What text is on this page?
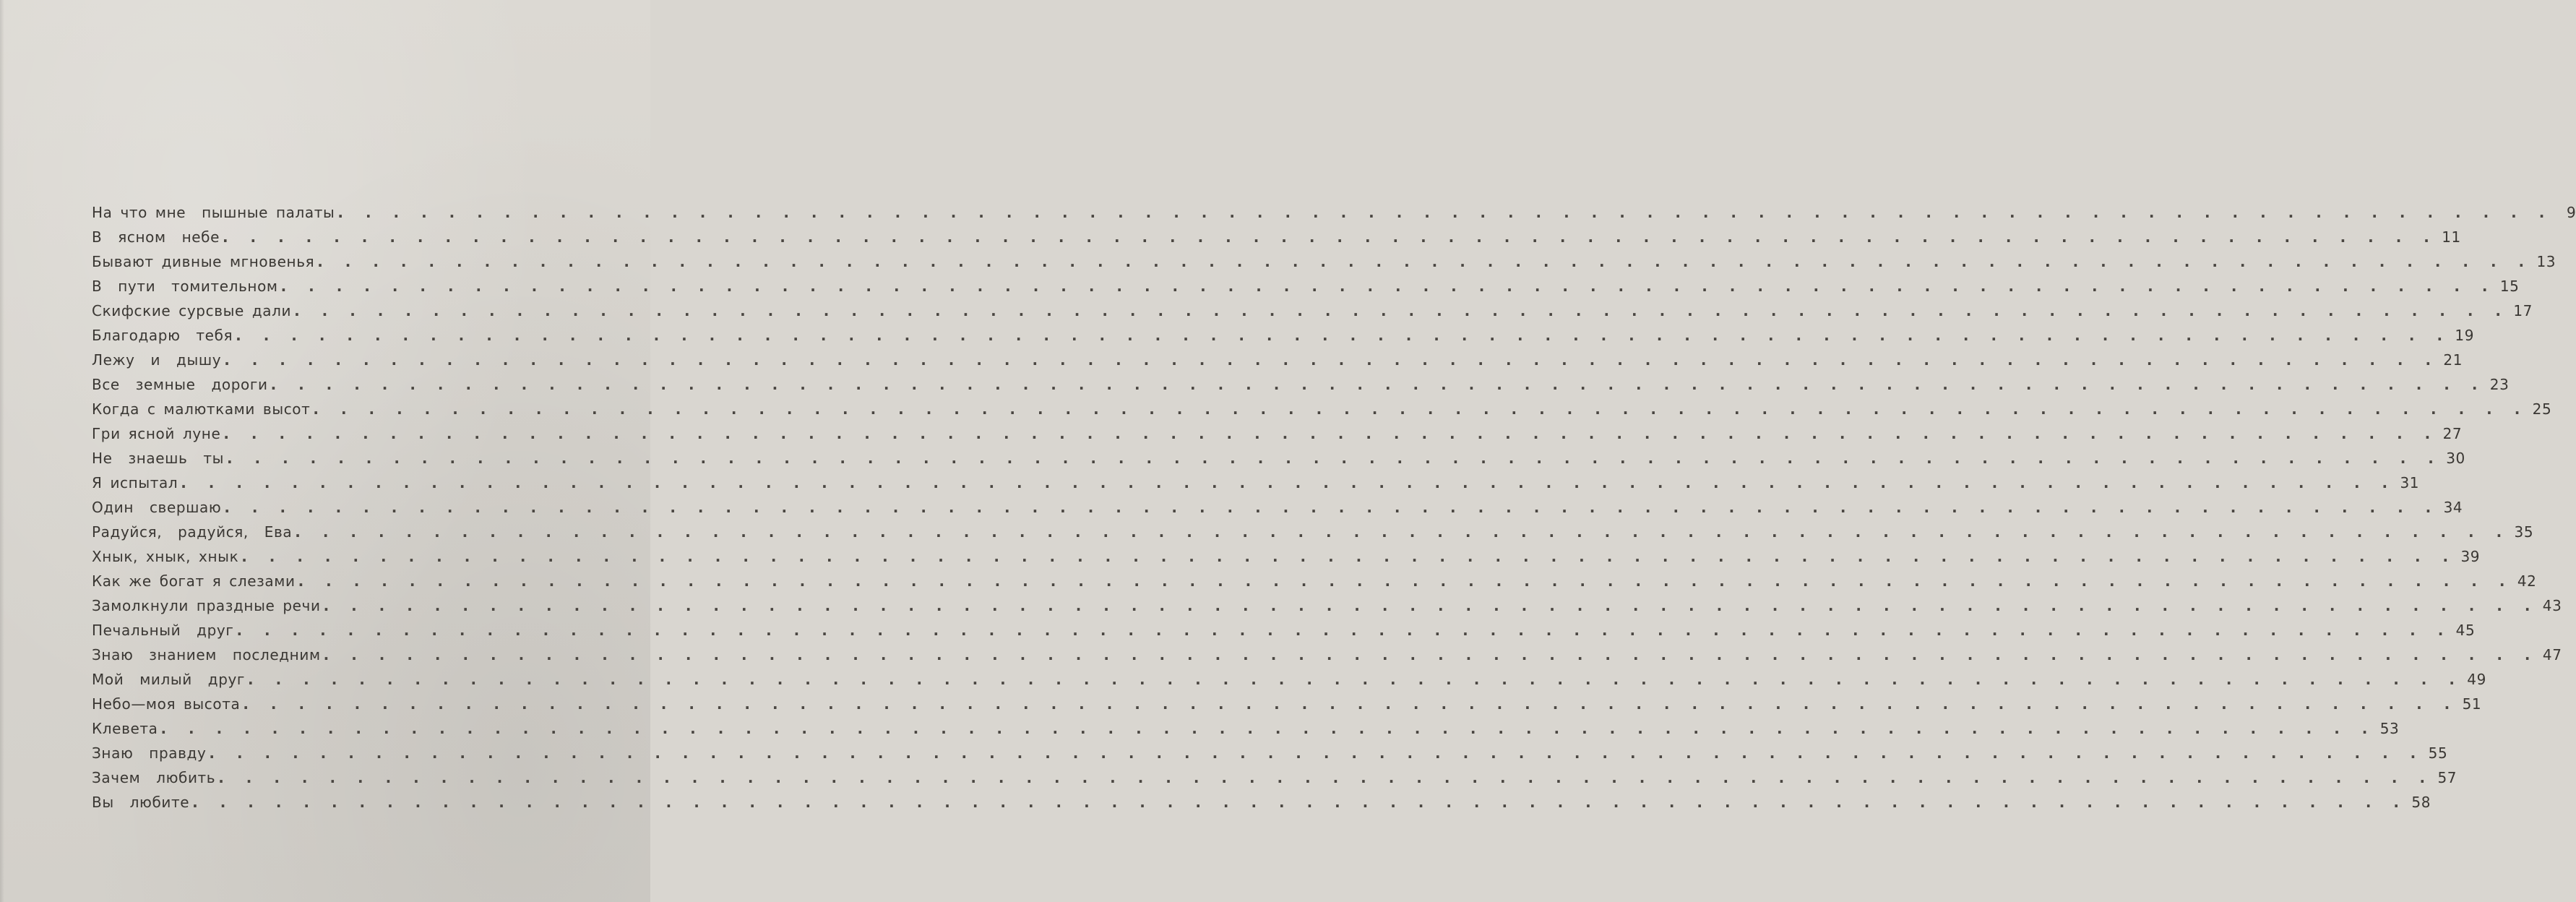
На что мне  пышные палаты . . . . . . . . . . . . . . . . . . . . . . . . . . . . . . . . . . . . . . . . . . . . . . . . . . . . . . . . . . . . . . . . . . . . . . . . . . . . . . . .	9
В  ясном  небе . . . . . . . . . . . . . . . . . . . . . . . . . . . . . . . . . . . . . . . . . . . . . . . . . . . . . . . . . . . . . . . . . . . . . . . . . . . . . . . . 11
Бывают дивные мгновенья . . . . . . . . . . . . . . . . . . . . . . . . . . . . . . . . . . . . . . . . . . . . . . . . . . . . . . . . . . . . . . . . . . . . . . . . . . . . . . . . 13
В  пути  томительном . . . . . . . . . . . . . . . . . . . . . . . . . . . . . . . . . . . . . . . . . . . . . . . . . . . . . . . . . . . . . . . . . . . . . . . . . . . . . . . . 15
Скифские сурсвые дали . . . . . . . . . . . . . . . . . . . . . . . . . . . . . . . . . . . . . . . . . . . . . . . . . . . . . . . . . . . . . . . . . . . . . . . . . . . . . . . . 17
Благодарю  тебя . . . . . . . . . . . . . . . . . . . . . . . . . . . . . . . . . . . . . . . . . . . . . . . . . . . . . . . . . . . . . . . . . . . . . . . . . . . . . . . . 19
Лежу  и  дышу . . . . . . . . . . . . . . . . . . . . . . . . . . . . . . . . . . . . . . . . . . . . . . . . . . . . . . . . . . . . . . . . . . . . . . . . . . . . . . . . 21
Все  земные  дороги . . . . . . . . . . . . . . . . . . . . . . . . . . . . . . . . . . . . . . . . . . . . . . . . . . . . . . . . . . . . . . . . . . . . . . . . . . . . . . . . 23
Когда с малютками высот . . . . . . . . . . . . . . . . . . . . . . . . . . . . . . . . . . . . . . . . . . . . . . . . . . . . . . . . . . . . . . . . . . . . . . . . . . . . . . . . 25
Гри ясной луне . . . . . . . . . . . . . . . . . . . . . . . . . . . . . . . . . . . . . . . . . . . . . . . . . . . . . . . . . . . . . . . . . . . . . . . . . . . . . . . . 27
Не  знаешь  ты . . . . . . . . . . . . . . . . . . . . . . . . . . . . . . . . . . . . . . . . . . . . . . . . . . . . . . . . . . . . . . . . . . . . . . . . . . . . . . . . 30
Я испытал . . . . . . . . . . . . . . . . . . . . . . . . . . . . . . . . . . . . . . . . . . . . . . . . . . . . . . . . . . . . . . . . . . . . . . . . . . . . . . . . 31
Один  свершаю . . . . . . . . . . . . . . . . . . . . . . . . . . . . . . . . . . . . . . . . . . . . . . . . . . . . . . . . . . . . . . . . . . . . . . . . . . . . . . . . 34
Радуйся,  радуйся,  Ева . . . . . . . . . . . . . . . . . . . . . . . . . . . . . . . . . . . . . . . . . . . . . . . . . . . . . . . . . . . . . . . . . . . . . . . . . . . . . . . . 35
Хнык, хнык, хнык . . . . . . . . . . . . . . . . . . . . . . . . . . . . . . . . . . . . . . . . . . . . . . . . . . . . . . . . . . . . . . . . . . . . . . . . . . . . . . . . 39
Как же богат я слезами . . . . . . . . . . . . . . . . . . . . . . . . . . . . . . . . . . . . . . . . . . . . . . . . . . . . . . . . . . . . . . . . . . . . . . . . . . . . . . . . 42
Замолкнули праздные речи . . . . . . . . . . . . . . . . . . . . . . . . . . . . . . . . . . . . . . . . . . . . . . . . . . . . . . . . . . . . . . . . . . . . . . . . . . . . . . . . 43
Печальный  друг . . . . . . . . . . . . . . . . . . . . . . . . . . . . . . . . . . . . . . . . . . . . . . . . . . . . . . . . . . . . . . . . . . . . . . . . . . . . . . . . 45
Знаю  знанием  последним . . . . . . . . . . . . . . . . . . . . . . . . . . . . . . . . . . . . . . . . . . . . . . . . . . . . . . . . . . . . . . . . . . . . . . . . . . . . . . . . 47
Мой  милый  друг . . . . . . . . . . . . . . . . . . . . . . . . . . . . . . . . . . . . . . . . . . . . . . . . . . . . . . . . . . . . . . . . . . . . . . . . . . . . . . . . 49
Небо—моя высота . . . . . . . . . . . . . . . . . . . . . . . . . . . . . . . . . . . . . . . . . . . . . . . . . . . . . . . . . . . . . . . . . . . . . . . . . . . . . . . . 51
Клевета . . . . . . . . . . . . . . . . . . . . . . . . . . . . . . . . . . . . . . . . . . . . . . . . . . . . . . . . . . . . . . . . . . . . . . . . . . . . . . . . 53
Знаю  правду . . . . . . . . . . . . . . . . . . . . . . . . . . . . . . . . . . . . . . . . . . . . . . . . . . . . . . . . . . . . . . . . . . . . . . . . . . . . . . . . 55
Зачем  любить . . . . . . . . . . . . . . . . . . . . . . . . . . . . . . . . . . . . . . . . . . . . . . . . . . . . . . . . . . . . . . . . . . . . . . . . . . . . . . . . 57
Вы  любите . . . . . . . . . . . . . . . . . . . . . . . . . . . . . . . . . . . . . . . . . . . . . . . . . . . . . . . . . . . . . . . . . . . . . . . . . . . . . . . . 58
